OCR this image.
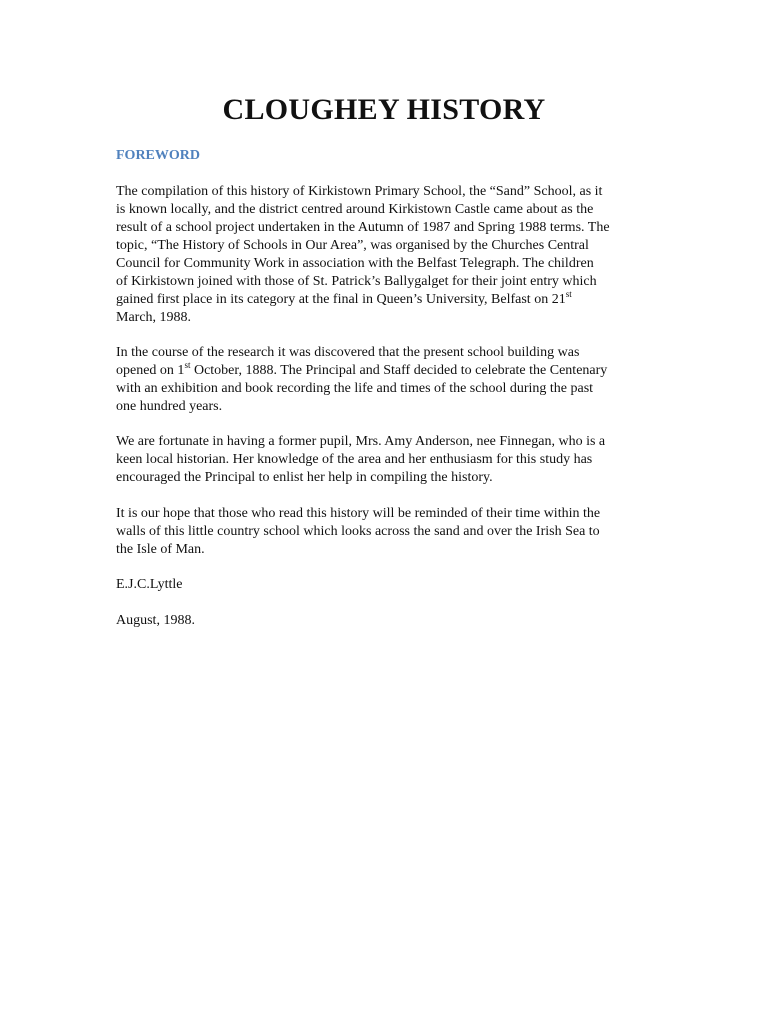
CLOUGHEY HISTORY
FOREWORD
The compilation of this history of Kirkistown Primary School, the “Sand” School, as it
is known locally, and the district centred around Kirkistown Castle came about as the
result of a school project undertaken in the Autumn of 1987 and Spring 1988 terms. The
topic, “The History of Schools in Our Area”, was organised by the Churches Central
Council for Community Work in association with the Belfast Telegraph. The children
of Kirkistown joined with those of St. Patrick’s Ballygalget for their joint entry which
gained first place in its category at the final in Queen’s University, Belfast on 21st
March, 1988.
In the course of the research it was discovered that the present school building was
opened on 1st October, 1888. The Principal and Staff decided to celebrate the Centenary
with an exhibition and book recording the life and times of the school during the past
one hundred years.
We are fortunate in having a former pupil, Mrs. Amy Anderson, nee Finnegan, who is a
keen local historian. Her knowledge of the area and her enthusiasm for this study has
encouraged the Principal to enlist her help in compiling the history.
It is our hope that those who read this history will be reminded of their time within the
walls of this little country school which looks across the sand and over the Irish Sea to
the Isle of Man.
E.J.C.Lyttle
August, 1988.
